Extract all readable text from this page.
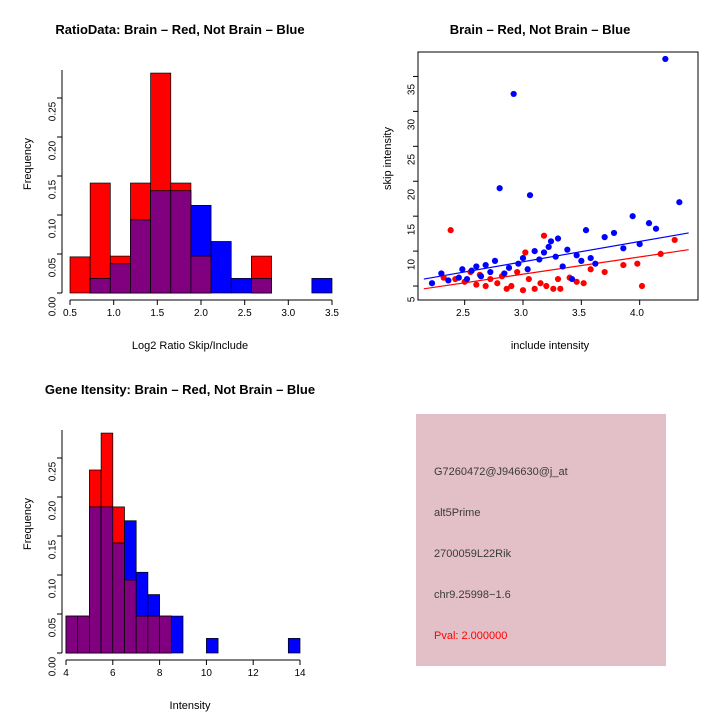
RatioData: Brain – Red, Not Brain – Blue
Frequency
Log2 Ratio Skip/Include
0.5	1.0	1.5	2.0	2.5	3.0	3.5
0.00
0.05
0.10
0.15
0.20
0.25
Brain – Red, Not Brain – Blue
skip intensity
include intensity
2.5	3.0	3.5	4.0
5
10
15
20
25
30
35
Gene Itensity: Brain – Red, Not Brain – Blue
Frequency
Intensity
4	6	8	10	12	14
0.00
0.05
0.10
0.15
0.20
0.25	G7260472@J946630@j_at
alt5Prime
2700059L22Rik
chr9.25998−1.6
Pval: 2.000000
